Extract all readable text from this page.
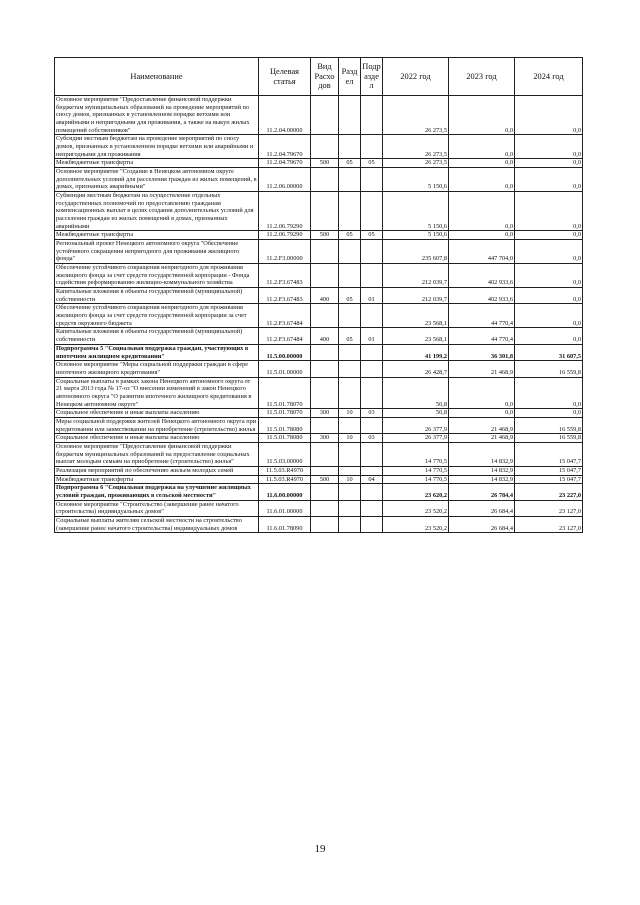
Наименование	Целевая статья	Вид Расхо дов	Разд ел	Подр азде л	2022 год	2023 год	2024 год
Основное мероприятие "Предоставление финансовой поддержки бюджетам муниципальных образований на проведение мероприятий по сносу домов, признанных в установленном порядке ветхими или аварийными и непригодными для проживания, а также на выкуп жилых помещений собственников"	11.2.04.00000				26 273,5	0,0	0,0
Субсидии местным бюджетам на проведение мероприятий по сносу домов, признанных в установленном порядке ветхими или аварийными и непригодными для проживания	11.2.04.79670				26 273,5	0,0	0,0
Межбюджетные трансферты	11.2.04.79670	500	05	05	26 273,5	0,0	0,0
Основное мероприятие "Создание в Ненецком автономном округе дополнительных условий для расселения граждан из жилых помещений, в домах, признанных аварийными"	11.2.06.00000				5 150,6	0,0	0,0
Субвенции местным бюджетам на осуществление отдельных государственных полномочий по предоставлению гражданам компенсационных выплат в целях создания дополнительных условий для расселения граждан из жилых помещений в домах, признанных аварийными	11.2.06.79290				5 150,6	0,0	0,0
Межбюджетные трансферты	11.2.06.79290	500	05	05	5 150,6	0,0	0,0
Региональный проект Ненецкого автономного округа "Обеспечение устойчивого сокращения непригодного для проживания жилищного фонда"	11.2.F3.00000				235 607,8	447 704,0	0,0
Обеспечение устойчивого сокращения непригодного для проживания жилищного фонда за счет средств государственной корпорации - Фонда содействия реформированию жилищно-коммунального хозяйства	11.2.F3.67483				212 039,7	402 933,6	0,0
Капитальные вложения в объекты государственной (муниципальной) собственности	11.2.F3.67483	400	05	01	212 039,7	402 933,6	0,0
Обеспечение устойчивого сокращения непригодного для проживания жилищного фонда за счет средств государственной корпорации за счет средств окружного бюджета	11.2.F3.67484				23 568,1	44 770,4	0,0
Капитальные вложения в объекты государственной (муниципальной) собственности	11.2.F3.67484	400	05	01	23 568,1	44 770,4	0,0
Подпрограмма 5 "Социальная поддержка граждан, участвующих в ипотечном жилищном кредитовании"	11.5.00.00000				41 199,2	36 301,8	31 607,5
Основное мероприятие "Меры социальной поддержки граждан в сфере ипотечного жилищного кредитования"	11.5.01.00000				26 428,7	21 468,9	16 559,8
Социальные выплаты в рамках закона Ненецкого автономного округа от 21 марта 2013 года № 17-оз "О внесении изменений в закон Ненецкого автономного округа "О развитии ипотечного жилищного кредитования в Ненецком автономном округе"	11.5.01.78070				50,8	0,0	0,0
Социальное обеспечение и иные выплаты населению	11.5.01.78070	300	10	03	50,8	0,0	0,0
Меры социальной поддержки жителей Ненецкого автономного округа при кредитовании или заимствовании на приобретение (строительство) жилья	11.5.01.78080				26 377,9	21 468,9	16 559,8
Социальное обеспечение и иные выплаты населению	11.5.01.78080	300	10	03	26 377,9	21 468,9	16 559,8
Основное мероприятие "Предоставление финансовой поддержки бюджетам муниципальных образований на предоставление социальных выплат молодым семьям на приобретение (строительство) жилья"	11.5.03.00000				14 770,5	14 832,9	15 047,7
Реализация мероприятий по обеспечению жильем молодых семей	11.5.03.R4970				14 770,5	14 832,9	15 047,7
Межбюджетные трансферты	11.5.03.R4970	500	10	04	14 770,5	14 832,9	15 047,7
Подпрограмма 6 "Социальная поддержка на улучшение жилищных условий граждан, проживающих в сельской местности"	11.6.00.00000				23 620,2	26 784,4	23 227,0
Основное мероприятие "Строительство (завершение ранее начатого строительства) индивидуальных домов"	11.6.01.00000				23 520,2	26 684,4	23 127,0
Социальные выплаты жителям сельской местности на строительство (завершение ранее начатого строительства) индивидуальных домов	11.6.01.78090				23 520,2	26 684,4	23 127,0
19
